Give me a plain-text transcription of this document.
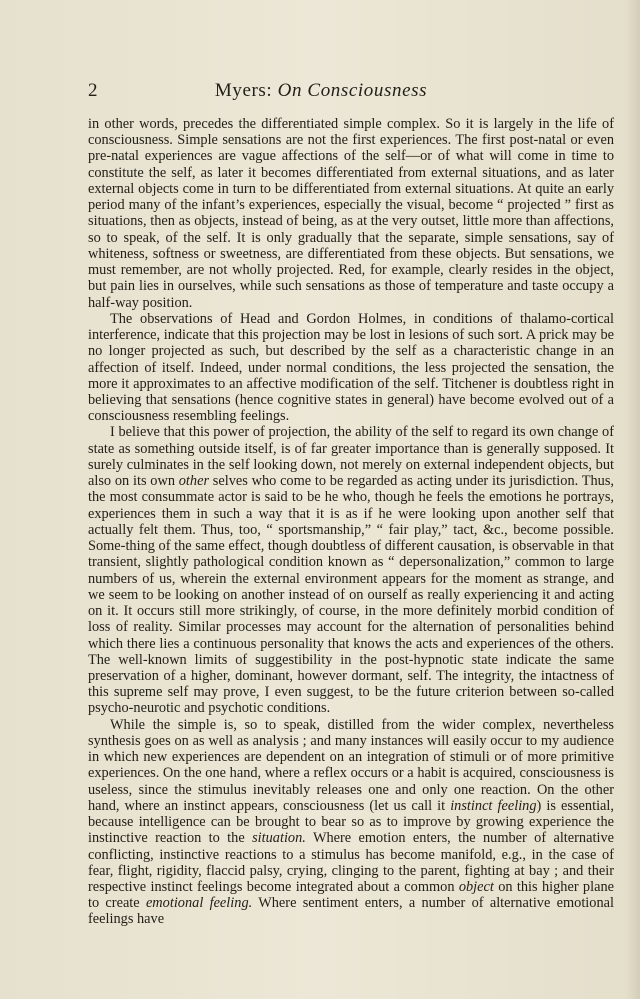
2	Myers: On Consciousness

in other words, precedes the differentiated simple complex. So it is largely in the life of consciousness. Simple sensations are not the first experiences. The first post-natal or even pre-natal experiences are vague affections of the self—or of what will come in time to constitute the self, as later it becomes differentiated from external situations, and as later external objects come in turn to be differentiated from external situations. At quite an early period many of the infant’s experiences, especially the visual, become “ projected ” first as situations, then as objects, instead of being, as at the very outset, little more than affections, so to speak, of the self. It is only gradually that the separate, simple sensations, say of whiteness, softness or sweetness, are differentiated from these objects. But sensations, we must remember, are not wholly projected. Red, for example, clearly resides in the object, but pain lies in ourselves, while such sensations as those of temperature and taste occupy a half-way position.

The observations of Head and Gordon Holmes, in conditions of thalamo-cortical interference, indicate that this projection may be lost in lesions of such sort. A prick may be no longer projected as such, but described by the self as a characteristic change in an affection of itself. Indeed, under normal conditions, the less projected the sensation, the more it approximates to an affective modification of the self. Titchener is doubtless right in believing that sensations (hence cognitive states in general) have become evolved out of a consciousness resembling feelings.

I believe that this power of projection, the ability of the self to regard its own change of state as something outside itself, is of far greater importance than is generally supposed. It surely culminates in the self looking down, not merely on external independent objects, but also on its own other selves who come to be regarded as acting under its jurisdiction. Thus, the most consummate actor is said to be he who, though he feels the emotions he portrays, experiences them in such a way that it is as if he were looking upon another self that actually felt them. Thus, too, “ sportsmanship,” “ fair play,” tact, &c., become possible. Some-thing of the same effect, though doubtless of different causation, is observable in that transient, slightly pathological condition known as “ depersonalization,” common to large numbers of us, wherein the external environment appears for the moment as strange, and we seem to be looking on another instead of on ourself as really experiencing it and acting on it. It occurs still more strikingly, of course, in the more definitely morbid condition of loss of reality. Similar processes may account for the alternation of personalities behind which there lies a continuous personality that knows the acts and experiences of the others. The well-known limits of suggestibility in the post-hypnotic state indicate the same preservation of a higher, dominant, however dormant, self. The integrity, the intactness of this supreme self may prove, I even suggest, to be the future criterion between so-called psycho-neurotic and psychotic conditions.

While the simple is, so to speak, distilled from the wider complex, nevertheless synthesis goes on as well as analysis ; and many instances will easily occur to my audience in which new experiences are dependent on an integration of stimuli or of more primitive experiences. On the one hand, where a reflex occurs or a habit is acquired, consciousness is useless, since the stimulus inevitably releases one and only one reaction. On the other hand, where an instinct appears, consciousness (let us call it instinct feeling) is essential, because intelligence can be brought to bear so as to improve by growing experience the instinctive reaction to the situation. Where emotion enters, the number of alternative conflicting, instinctive reactions to a stimulus has become manifold, e.g., in the case of fear, flight, rigidity, flaccid palsy, crying, clinging to the parent, fighting at bay ; and their respective instinct feelings become integrated about a common object on this higher plane to create emotional feeling. Where sentiment enters, a number of alternative emotional feelings have
